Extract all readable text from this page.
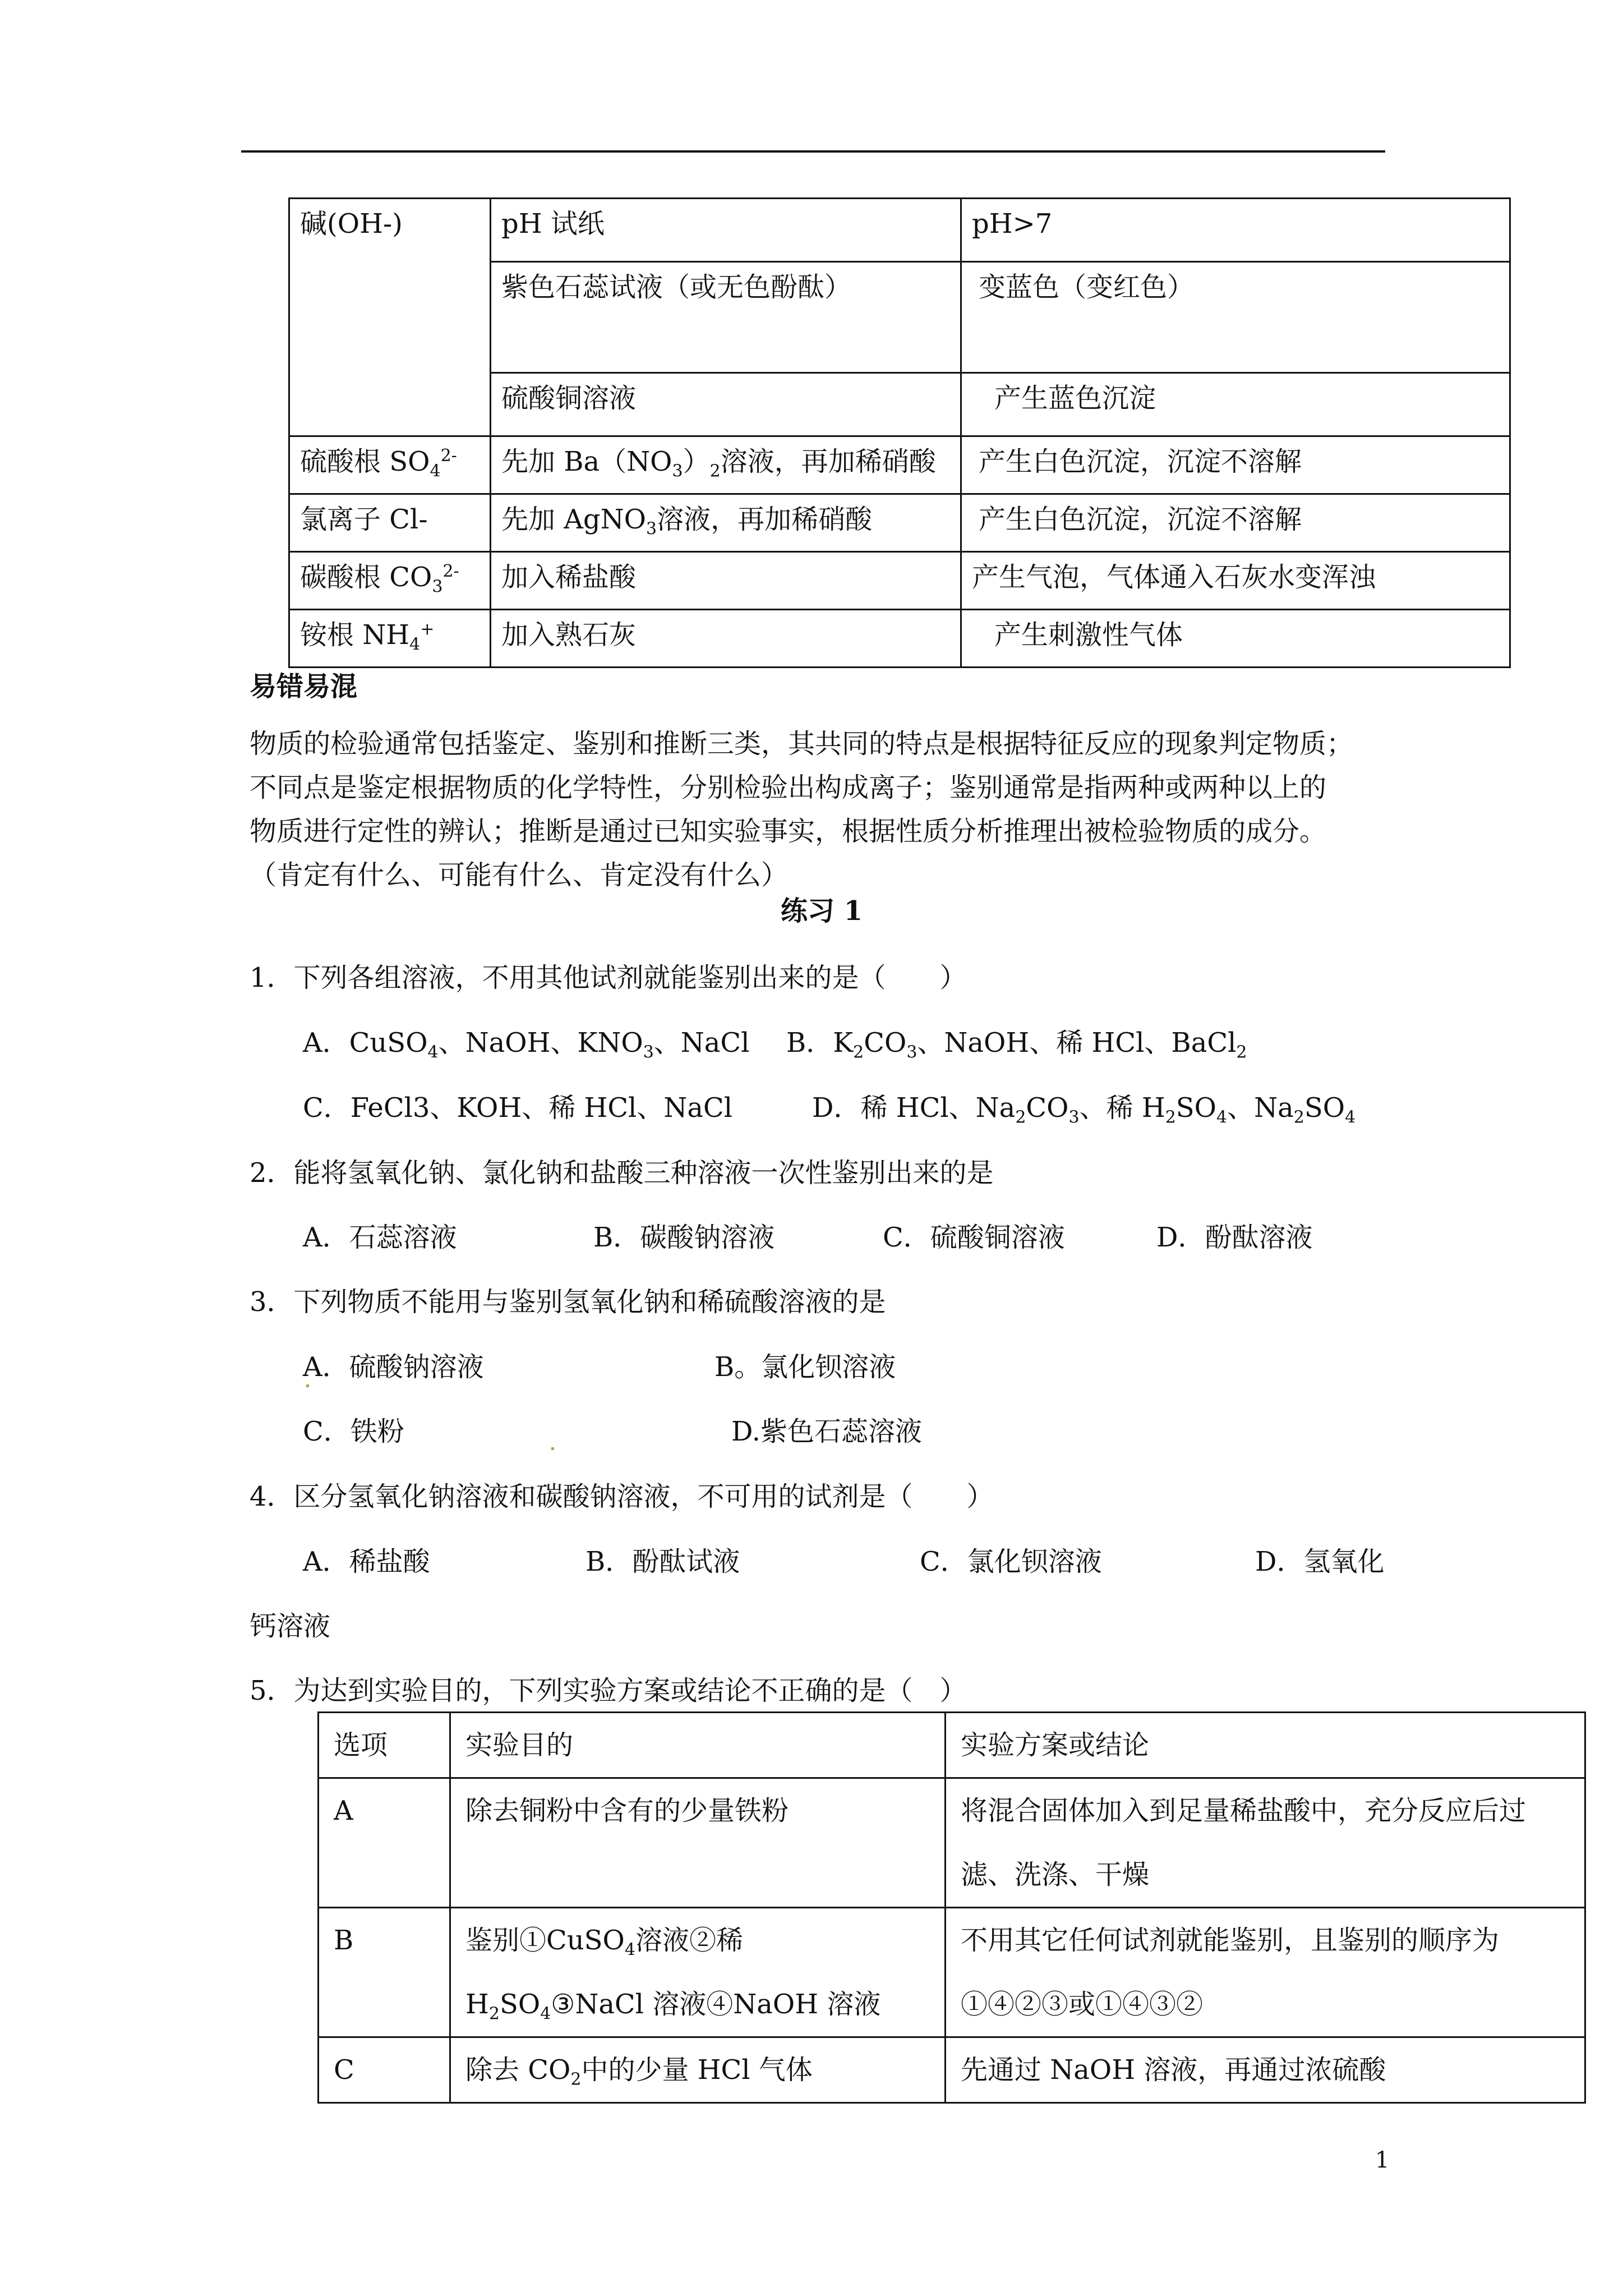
碱(OH-)	pH 试纸	pH>7
	紫色石蕊试液（或无色酚酞）	变蓝色（变红色）
	硫酸铜溶液	产生蓝色沉淀
硫酸根 $SO_4^{2-}$	先加 $Ba(NO_3)_2$溶液，再加稀硝酸	产生白色沉淀，沉淀不溶解
氯离子 Cl-	先加 AgNO$_3$溶液，再加稀硝酸	产生白色沉淀，沉淀不溶解
碳酸根 $CO_3^{2-}$	加入稀盐酸	产生气泡，气体通入石灰水变浑浊
铵根 $NH_4^+$	加入熟石灰	产生刺激性气体
易错易混
物质的检验通常包括鉴定、鉴别和推断三类，其共同的特点是根据特征反应的现象判定物质；
不同点是鉴定根据物质的化学特性，分别检验出构成离子；鉴别通常是指两种或两种以上的
物质进行定性的辨认；推断是通过已知实验事实，根据性质分析推理出被检验物质的成分。
（肯定有什么、可能有什么、肯定没有什么）
练习 1
1．下列各组溶液，不用其他试剂就能鉴别出来的是（　　）
A．CuSO$_4$、NaOH、$KNO_3$、NaCl B．$K_2CO_3$、NaOH、稀 HCl、BaCl$_2$
C．FeCl3、KOH、稀 HCl、NaCl	D．稀 HCl、$Na_2CO_3$、稀 $H_2SO_4$、$Na_2SO_4$
2．能将氢氧化钠、氯化钠和盐酸三种溶液一次性鉴别出来的是
A．石蕊溶液	B．碳酸钠溶液	C．硫酸铜溶液	D．酚酞溶液
3．下列物质不能用与鉴别氢氧化钠和稀硫酸溶液的是
A．硫酸钠溶液	B。氯化钡溶液
C．铁粉	D.紫色石蕊溶液
4．区分氢氧化钠溶液和碳酸钠溶液，不可用的试剂是（　　）
A．稀盐酸	B．酚酞试液	C．氯化钡溶液	D．氢氧化
钙溶液
5．为达到实验目的，下列实验方案或结论不正确的是（　）
选项	实验目的	实验方案或结论
A	除去铜粉中含有的少量铁粉	将混合固体加入到足量稀盐酸中，充分反应后过滤、洗涤、干燥
B	鉴别①CuSO$_4$溶液②稀 $H_2SO_4③NaCl$ 溶液④NaOH 溶液	不用其它任何试剂就能鉴别，且鉴别的顺序为①④②③或①④③②
C	除去 $CO_2$中的少量 HCl 气体	先通过 NaOH 溶液，再通过浓硫酸
1
